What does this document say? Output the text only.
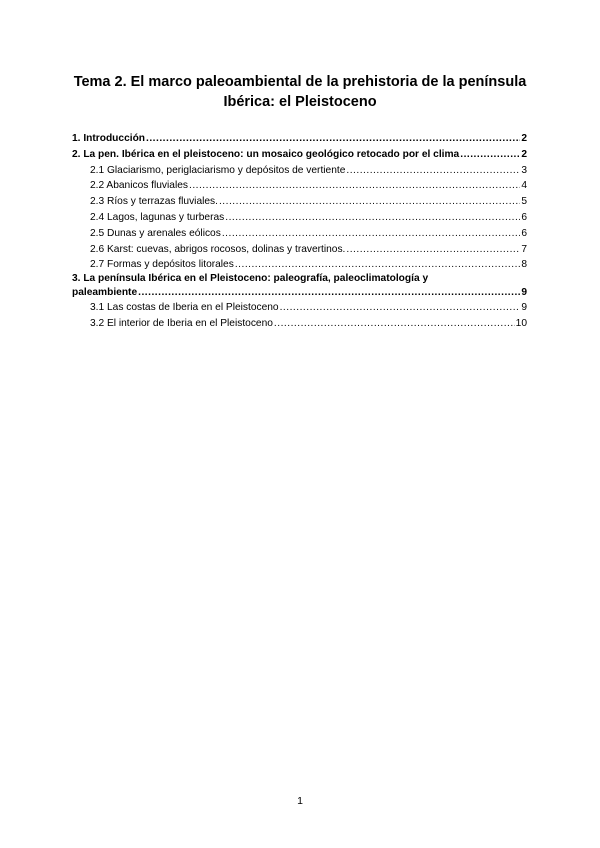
Tema 2. El marco paleoambiental de la prehistoria de la península
Ibérica: el Pleistoceno
1. Introducción .....	2
2. La pen. Ibérica en el pleistoceno: un mosaico geológico retocado por el clima .....	2
2.1 Glaciarismo, periglaciarismo y depósitos de vertiente .....	3
2.2 Abanicos fluviales .....	4
2.3 Ríos y terrazas fluviales. .....	5
2.4 Lagos, lagunas y turberas .....	6
2.5 Dunas y arenales eólicos .....	6
2.6 Karst: cuevas, abrigos rocosos, dolinas y travertinos. .....	7
2.7 Formas y depósitos litorales .....	8
3. La península Ibérica en el Pleistoceno: paleografía, paleoclimatología y
paleambiente .....	9
3.1 Las costas de Iberia en el Pleistoceno .....	9
3.2 El interior de Iberia en el Pleistoceno .....	10
1
